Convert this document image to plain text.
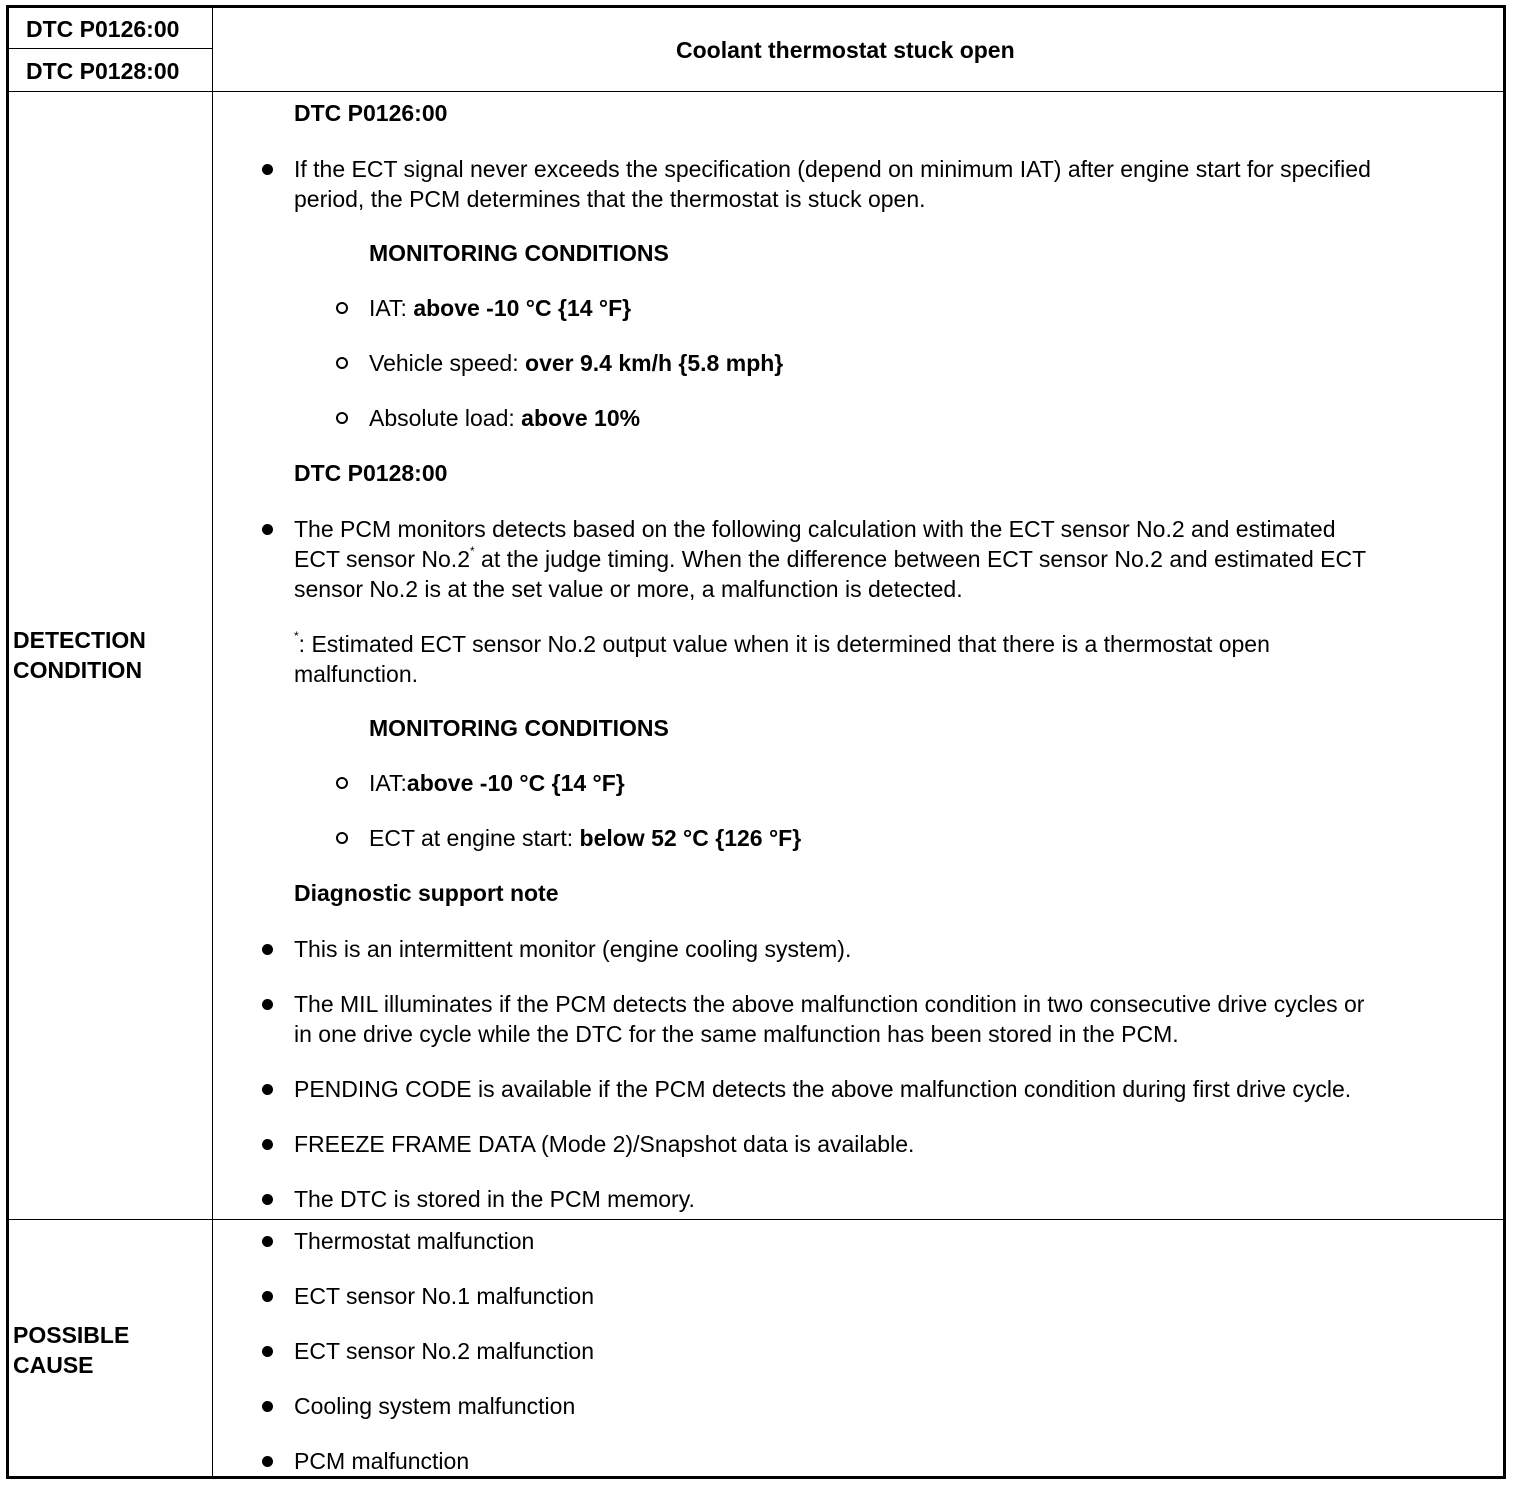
DTC P0126:00
DTC P0128:00
Coolant thermostat stuck open
DETECTION
CONDITION
DTC P0126:00
If the ECT signal never exceeds the specification (depend on minimum IAT) after engine start for specified
period, the PCM determines that the thermostat is stuck open.
MONITORING CONDITIONS
IAT: above -10 °C {14 °F}
Vehicle speed: over 9.4 km/h {5.8 mph}
Absolute load: above 10%
DTC P0128:00
The PCM monitors detects based on the following calculation with the ECT sensor No.2 and estimated
ECT sensor No.2* at the judge timing. When the difference between ECT sensor No.2 and estimated ECT
sensor No.2 is at the set value or more, a malfunction is detected.
*: Estimated ECT sensor No.2 output value when it is determined that there is a thermostat open
malfunction.
MONITORING CONDITIONS
IAT:above -10 °C {14 °F}
ECT at engine start: below 52 °C {126 °F}
Diagnostic support note
This is an intermittent monitor (engine cooling system).
The MIL illuminates if the PCM detects the above malfunction condition in two consecutive drive cycles or
in one drive cycle while the DTC for the same malfunction has been stored in the PCM.
PENDING CODE is available if the PCM detects the above malfunction condition during first drive cycle.
FREEZE FRAME DATA (Mode 2)/Snapshot data is available.
The DTC is stored in the PCM memory.
POSSIBLE
CAUSE
Thermostat malfunction
ECT sensor No.1 malfunction
ECT sensor No.2 malfunction
Cooling system malfunction
PCM malfunction
